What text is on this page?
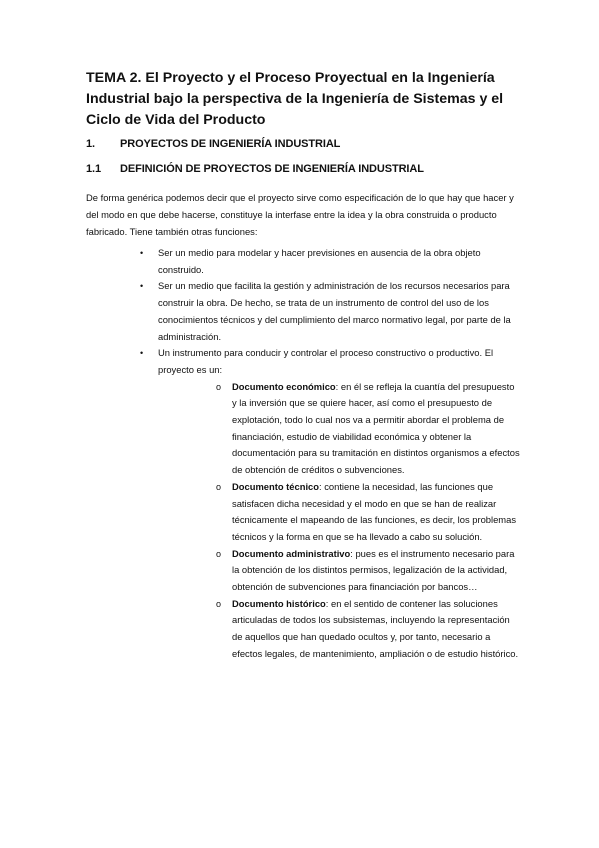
TEMA 2. El Proyecto y el Proceso Proyectual en la Ingeniería Industrial bajo la perspectiva de la Ingeniería de Sistemas y el Ciclo de Vida del Producto
1. PROYECTOS DE INGENIERÍA INDUSTRIAL
1.1 DEFINICIÓN DE PROYECTOS DE INGENIERÍA INDUSTRIAL

De forma genérica podemos decir que el proyecto sirve como especificación de lo que hay que hacer y del modo en que debe hacerse, constituye la interfase entre la idea y la obra construida o producto fabricado. Tiene también otras funciones:

• Ser un medio para modelar y hacer previsiones en ausencia de la obra objeto construido.
• Ser un medio que facilita la gestión y administración de los recursos necesarios para construir la obra. De hecho, se trata de un instrumento de control del uso de los conocimientos técnicos y del cumplimiento del marco normativo legal, por parte de la administración.
• Un instrumento para conducir y controlar el proceso constructivo o productivo. El proyecto es un:
o Documento económico: en él se refleja la cuantía del presupuesto y la inversión que se quiere hacer, así como el presupuesto de explotación, todo lo cual nos va a permitir abordar el problema de financiación, estudio de viabilidad económica y obtener la documentación para su tramitación en distintos organismos a efectos de obtención de créditos o subvenciones.
o Documento técnico: contiene la necesidad, las funciones que satisfacen dicha necesidad y el modo en que se han de realizar técnicamente el mapeando de las funciones, es decir, los problemas técnicos y la forma en que se ha llevado a cabo su solución.
o Documento administrativo: pues es el instrumento necesario para la obtención de los distintos permisos, legalización de la actividad, obtención de subvenciones para financiación por bancos…
o Documento histórico: en el sentido de contener las soluciones articuladas de todos los subsistemas, incluyendo la representación de aquellos que han quedado ocultos y, por tanto, necesario a efectos legales, de mantenimiento, ampliación o de estudio histórico.
